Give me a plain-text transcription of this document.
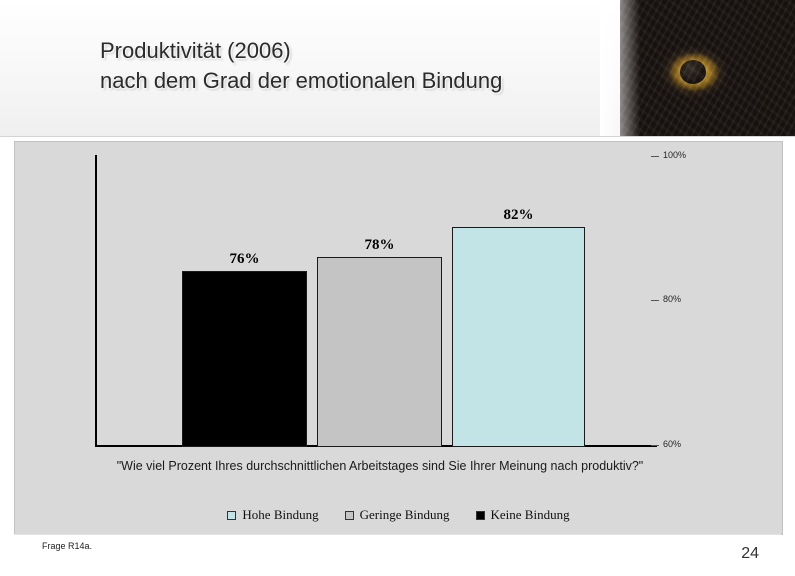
Produktivität (2006)
nach dem Grad der emotionalen Bindung
100%
80%
60%
76%
78%
82%
"Wie viel Prozent Ihres durchschnittlichen Arbeitstages sind Sie Ihrer Meinung nach produktiv?"
Hohe Bindung	Geringe Bindung	Keine Bindung
Frage R14a.	24
